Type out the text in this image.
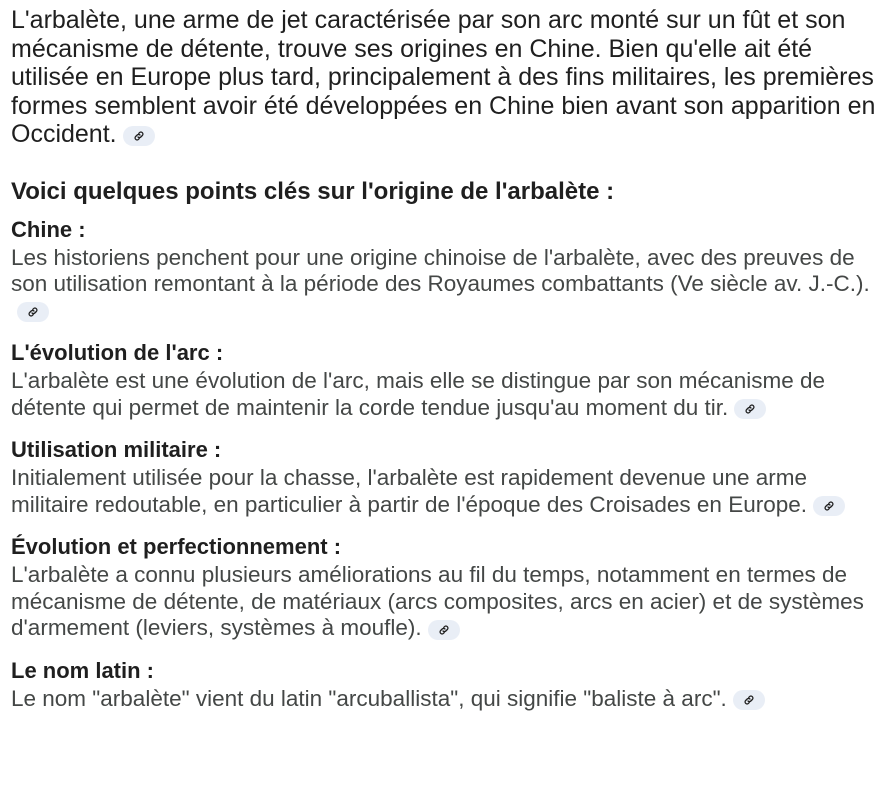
L'arbalète, une arme de jet caractérisée par son arc monté sur un fût et son mécanisme de détente, trouve ses origines en Chine. Bien qu'elle ait été utilisée en Europe plus tard, principalement à des fins militaires, les premières formes semblent avoir été développées en Chine bien avant son apparition en Occident.

Voici quelques points clés sur l'origine de l'arbalète :
Chine :

Les historiens penchent pour une origine chinoise de l'arbalète, avec des preuves de son utilisation remontant à la période des Royaumes combattants (Ve siècle av. J.-C.).

L'évolution de l'arc :

L'arbalète est une évolution de l'arc, mais elle se distingue par son mécanisme de détente qui permet de maintenir la corde tendue jusqu'au moment du tir.

Utilisation militaire :

Initialement utilisée pour la chasse, l'arbalète est rapidement devenue une arme militaire redoutable, en particulier à partir de l'époque des Croisades en Europe.

Évolution et perfectionnement :

L'arbalète a connu plusieurs améliorations au fil du temps, notamment en termes de mécanisme de détente, de matériaux (arcs composites, arcs en acier) et de systèmes d'armement (leviers, systèmes à moufle).

Le nom latin :

Le nom "arbalète" vient du latin "arcuballista", qui signifie "baliste à arc".
